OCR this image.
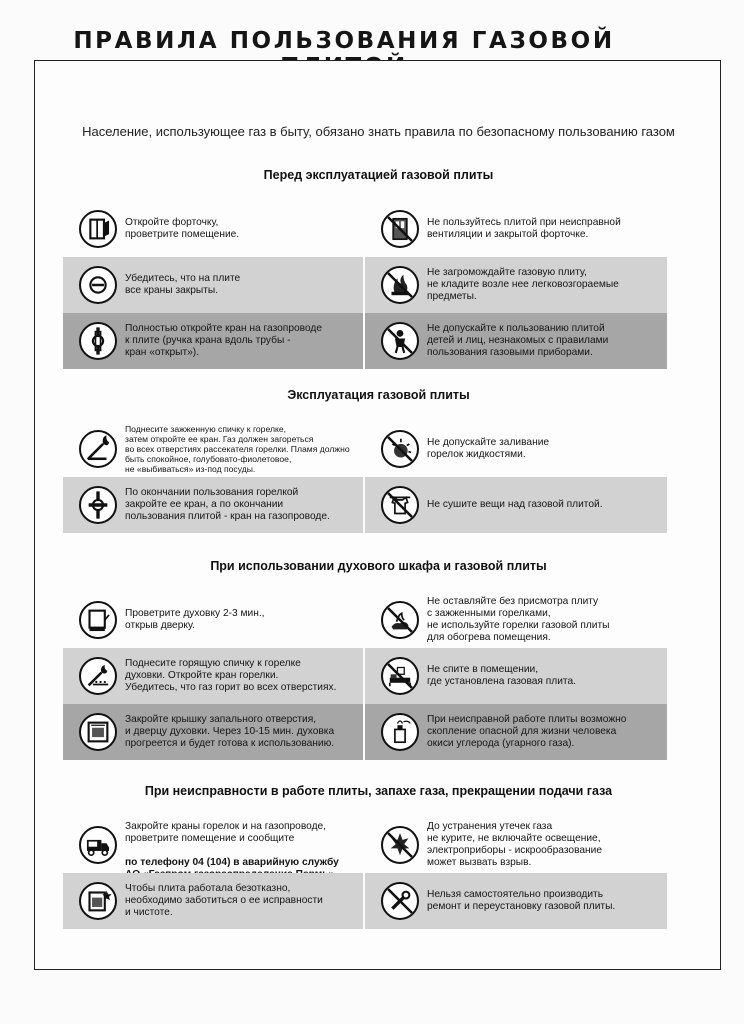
ПРАВИЛА ПОЛЬЗОВАНИЯ ГАЗОВОЙ
Население, использующее газ в быту, обязано знать правила по безопасному пользованию газом
Перед эксплуатацией газовой плиты
Откройте форточку,
проветрите помещение.
Не пользуйтесь плитой при неисправной
вентиляции и закрытой форточке.
Убедитесь, что на плите
все краны закрыты.
Не загромождайте газовую плиту,
не кладите возле нее легковозгораемые
предметы.
Полностью откройте кран на газопроводе
к плите (ручка крана вдоль трубы -
кран «открыт»).
Не допускайте к пользованию плитой
детей и лиц, незнакомых с правилами
пользования газовыми приборами.
Эксплуатация газовой плиты
Поднесите зажженную спичку к горелке,
затем откройте ее кран. Газ должен загореться
во всех отверстиях рассекателя горелки. Пламя должно
быть спокойное, голубовато-фиолетовое,
не «выбиваться» из-под посуды.
Не допускайте заливание
горелок жидкостями.
По окончании пользования горелкой
закройте ее кран, а по окончании
пользования плитой - кран на газопроводе.
Не сушите вещи над газовой плитой.
При использовании духового шкафа и газовой плиты
Проветрите духовку 2-3 мин.,
открыв дверку.
Не оставляйте без присмотра плиту
с зажженными горелками,
не используйте горелки газовой плиты
для обогрева помещения.
Поднесите горящую спичку к горелке
духовки. Откройте кран горелки.
Убедитесь, что газ горит во всех отверстиях.
Не спите в помещении,
где установлена газовая плита.
Закройте крышку запального отверстия,
и дверцу духовки. Через 10-15 мин. духовка
прогреется и будет готова к использованию.
При неисправной работе плиты возможно
скопление опасной для жизни человека
окиси углерода (угарного газа).
При неисправности в работе плиты, запахе газа, прекращении подачи газа

Закройте краны горелок и на газопроводе,
проветрите помещение и сообщите

по телефону 04 (104) в аварийную службу

До устранения утечек газа
не курите, не включайте освещение,
электроприборы - искрообразование
может вызвать взрыв.
Чтобы плита работала безотказно,
необходимо заботиться о ее исправности
и чистоте.
Нельзя самостоятельно производить
ремонт и переустановку газовой плиты.
